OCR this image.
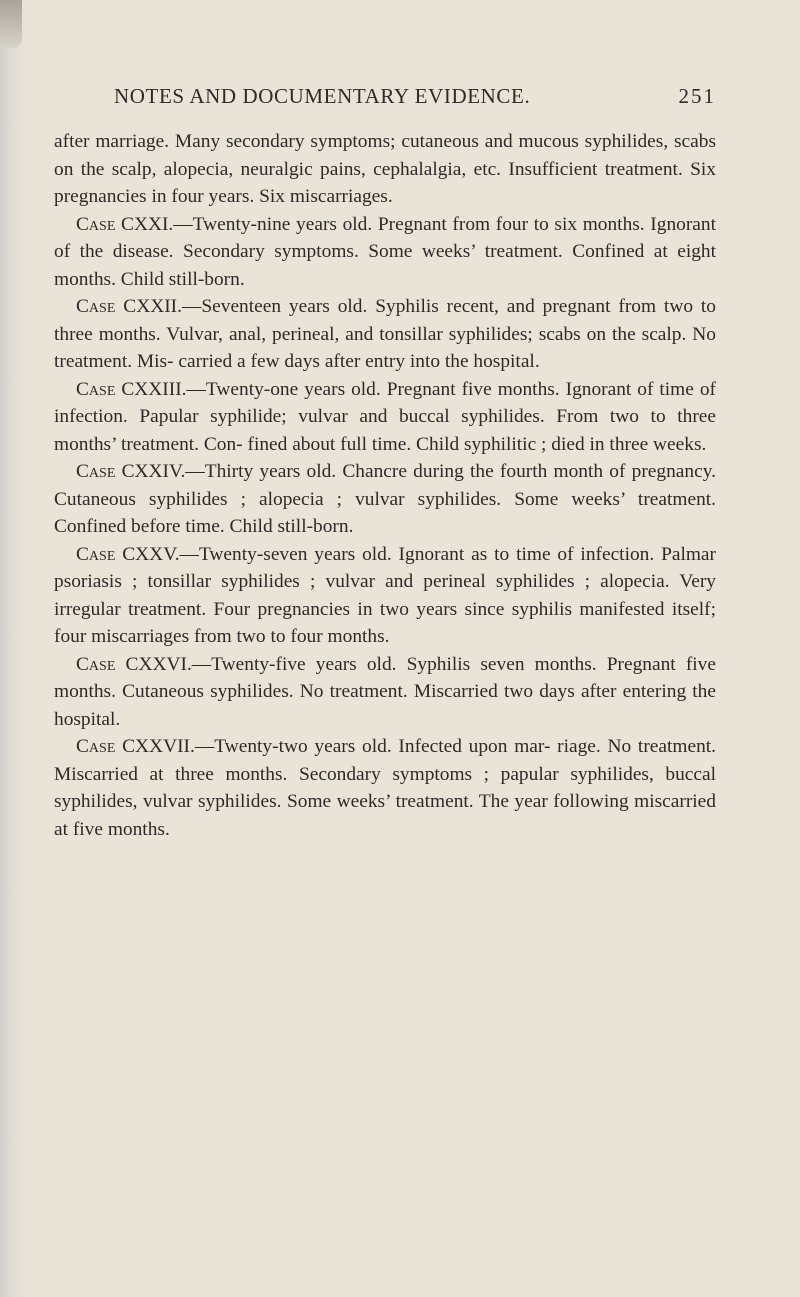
NOTES AND DOCUMENTARY EVIDENCE.	251

after marriage. Many secondary symptoms; cutaneous and mucous syphilides, scabs on the scalp, alopecia, neuralgic pains, cephalalgia, etc. Insufficient treatment. Six pregnancies in four years. Six miscarriages.

Case CXXI.—Twenty-nine years old. Pregnant from four to six months. Ignorant of the disease. Secondary symptoms. Some weeks’ treatment. Confined at eight months. Child still-born.

Case CXXII.—Seventeen years old. Syphilis recent, and pregnant from two to three months. Vulvar, anal, perineal, and tonsillar syphilides; scabs on the scalp. No treatment. Mis- carried a few days after entry into the hospital.

Case CXXIII.—Twenty-one years old. Pregnant five months. Ignorant of time of infection. Papular syphilide; vulvar and buccal syphilides. From two to three months’ treatment. Con- fined about full time. Child syphilitic ; died in three weeks.

Case CXXIV.—Thirty years old. Chancre during the fourth month of pregnancy. Cutaneous syphilides ; alopecia ; vulvar syphilides. Some weeks’ treatment. Confined before time. Child still-born.

Case CXXV.—Twenty-seven years old. Ignorant as to time of infection. Palmar psoriasis ; tonsillar syphilides ; vulvar and perineal syphilides ; alopecia. Very irregular treatment. Four pregnancies in two years since syphilis manifested itself; four miscarriages from two to four months.

Case CXXVI.—Twenty-five years old. Syphilis seven months. Pregnant five months. Cutaneous syphilides. No treatment. Miscarried two days after entering the hospital.

Case CXXVII.—Twenty-two years old. Infected upon mar- riage. No treatment. Miscarried at three months. Secondary symptoms ; papular syphilides, buccal syphilides, vulvar syphilides. Some weeks’ treatment. The year following miscarried at five months.
